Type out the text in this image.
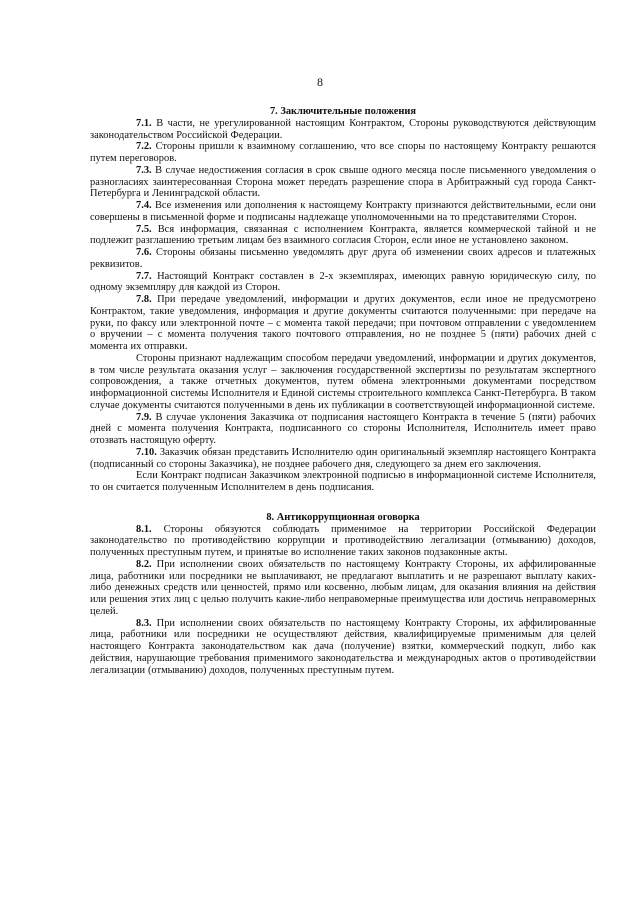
8

7. Заключительные положения

7.1. В части, не урегулированной настоящим Контрактом, Стороны руководствуются действующим законодательством Российской Федерации.

7.2. Стороны пришли к взаимному соглашению, что все споры по настоящему Контракту решаются путем переговоров.

7.3. В случае недостижения согласия в срок свыше одного месяца после письменного уведомления о разногласиях заинтересованная Сторона может передать разрешение спора в Арбитражный суд города Санкт-Петербурга и Ленинградской области.

7.4. Все изменения или дополнения к настоящему Контракту признаются действительными, если они совершены в письменной форме и подписаны надлежаще уполномоченными на то представителями Сторон.

7.5. Вся информация, связанная с исполнением Контракта, является коммерческой тайной и не подлежит разглашению третьим лицам без взаимного согласия Сторон, если иное не установлено законом.

7.6. Стороны обязаны письменно уведомлять друг друга об изменении своих адресов и платежных реквизитов.

7.7. Настоящий Контракт составлен в 2-х экземплярах, имеющих равную юридическую силу, по одному экземпляру для каждой из Сторон.

7.8. При передаче уведомлений, информации и других документов, если иное не предусмотрено Контрактом, такие уведомления, информация и другие документы считаются полученными: при передаче на руки, по факсу или электронной почте – с момента такой передачи; при почтовом отправлении с уведомлением о вручении – с момента получения такого почтового отправления, но не позднее 5 (пяти) рабочих дней с момента их отправки.

Стороны признают надлежащим способом передачи уведомлений, информации и других документов, в том числе результата оказания услуг – заключения государственной экспертизы по результатам экспертного сопровождения, а также отчетных документов, путем обмена электронными документами посредством информационной системы Исполнителя и Единой системы строительного комплекса Санкт-Петербурга. В таком случае документы считаются полученными в день их публикации в соответствующей информационной системе.

7.9. В случае уклонения Заказчика от подписания настоящего Контракта в течение 5 (пяти) рабочих дней с момента получения Контракта, подписанного со стороны Исполнителя, Исполнитель имеет право отозвать настоящую оферту.

7.10. Заказчик обязан представить Исполнителю один оригинальный экземпляр настоящего Контракта (подписанный со стороны Заказчика), не позднее рабочего дня, следующего за днем его заключения.

Если Контракт подписан Заказчиком электронной подписью в информационной системе Исполнителя, то он считается полученным Исполнителем в день подписания.

8. Антикоррупционная оговорка

8.1. Стороны обязуются соблюдать применимое на территории Российской Федерации законодательство по противодействию коррупции и противодействию легализации (отмыванию) доходов, полученных преступным путем, и принятые во исполнение таких законов подзаконные акты.

8.2. При исполнении своих обязательств по настоящему Контракту Стороны, их аффилированные лица, работники или посредники не выплачивают, не предлагают выплатить и не разрешают выплату каких-либо денежных средств или ценностей, прямо или косвенно, любым лицам, для оказания влияния на действия или решения этих лиц с целью получить какие-либо неправомерные преимущества или достичь неправомерных целей.

8.3. При исполнении своих обязательств по настоящему Контракту Стороны, их аффилированные лица, работники или посредники не осуществляют действия, квалифицируемые применимым для целей настоящего Контракта законодательством как дача (получение) взятки, коммерческий подкуп, либо как действия, нарушающие требования применимого законодательства и международных актов о противодействии легализации (отмыванию) доходов, полученных преступным путем.
